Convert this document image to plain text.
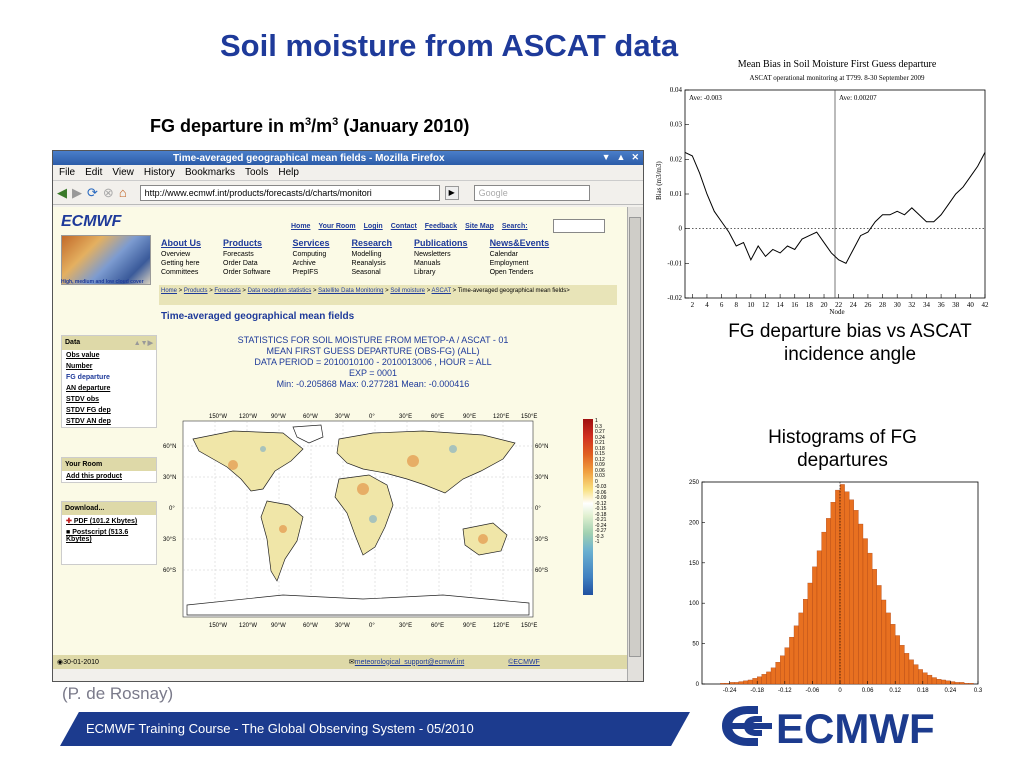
Soil moisture from ASCAT data
FG departure in $m^3/m^3$ (January 2010)
Time-averaged geographical mean fields - Mozilla Firefox	▼ ▲ ✕
File Edit View History Bookmarks Tools Help
◀ ▶ ⟳ ⊗ ⌂ http://www.ecmwf.int/products/forecasts/d/charts/monitori	▶	Google
ECMWF	Home Your Room Login Contact Feedback Site Map Search:
High, medium and low cloud cover
About Us
Overview
Getting here
Committees
Products
Forecasts
Order Data
Order Software
Services
Computing
Archive
PrepIFS
Research
Modelling
Reanalysis
Seasonal
Publications
Newsletters
Manuals
Library
News&Events
Calendar
Employment
Open Tenders
Home > Products > Forecasts > Data reception statistics > Satellite Data Monitoring > Soil moisture > ASCAT > Time-averaged geographical mean fields>
Time-averaged geographical mean fields
Data	▲▼▶
Obs value
Number
FG departure
AN departure
STDV obs
STDV FG dep
STDV AN dep
Your Room
Add this product
Download...
✚ PDF (101.2 Kbytes)
■ Postscript (513.6 Kbytes)
STATISTICS FOR SOIL MOISTURE FROM METOP-A / ASCAT - 01
MEAN FIRST GUESS DEPARTURE (OBS-FG) (ALL)
DATA PERIOD = 2010010100 - 2010013006 , HOUR = ALL
EXP = 0001
Min: -0.205868 Max: 0.277281 Mean: -0.000416
150°W 120°W 90°W	60°W	30°W	0°	30°E	60°E	90°E	120°E 150°E
150°W 120°W 90°W	60°W	30°W	0°	30°E	60°E	90°E	120°E 150°E
60°N
30°N
0°
30°S
60°S
60°N
30°N
0°
30°S
60°S
1
0.3
0.27
0.24
0.21
0.18
0.15
0.12
0.09
0.06
0.03
0
-0.03
-0.06
-0.09
-0.12
-0.15
-0.18
-0.21
-0.24
-0.27
-0.3
-1
◉ 30-01-2010	✉ meteorological_support@ecmwf.int	©ECMWF
Mean Bias in Soil Moisture First Guess departure
ASCAT operational monitoring at T799. 8-30 September 2009
Bias (m3/m3)
Node
0.04
0.03
0.02
0.01
0
-0.01
-0.02
2 4 6 8 10 12 14 16 18 20 22 24 26 28 30 32 34 36 38 40 42
Ave: -0.003	Ave: 0.00207
FG departure bias vs ASCAT incidence angle
Histograms of FG departures
250
200
150
100
50
0
-0.24 -0.18 -0.12 -0.06	0	0.06	0.12	0.18	0.24	0.3
(P. de Rosnay)
ECMWF Training Course - The Global Observing System - 05/2010	ECMWF
